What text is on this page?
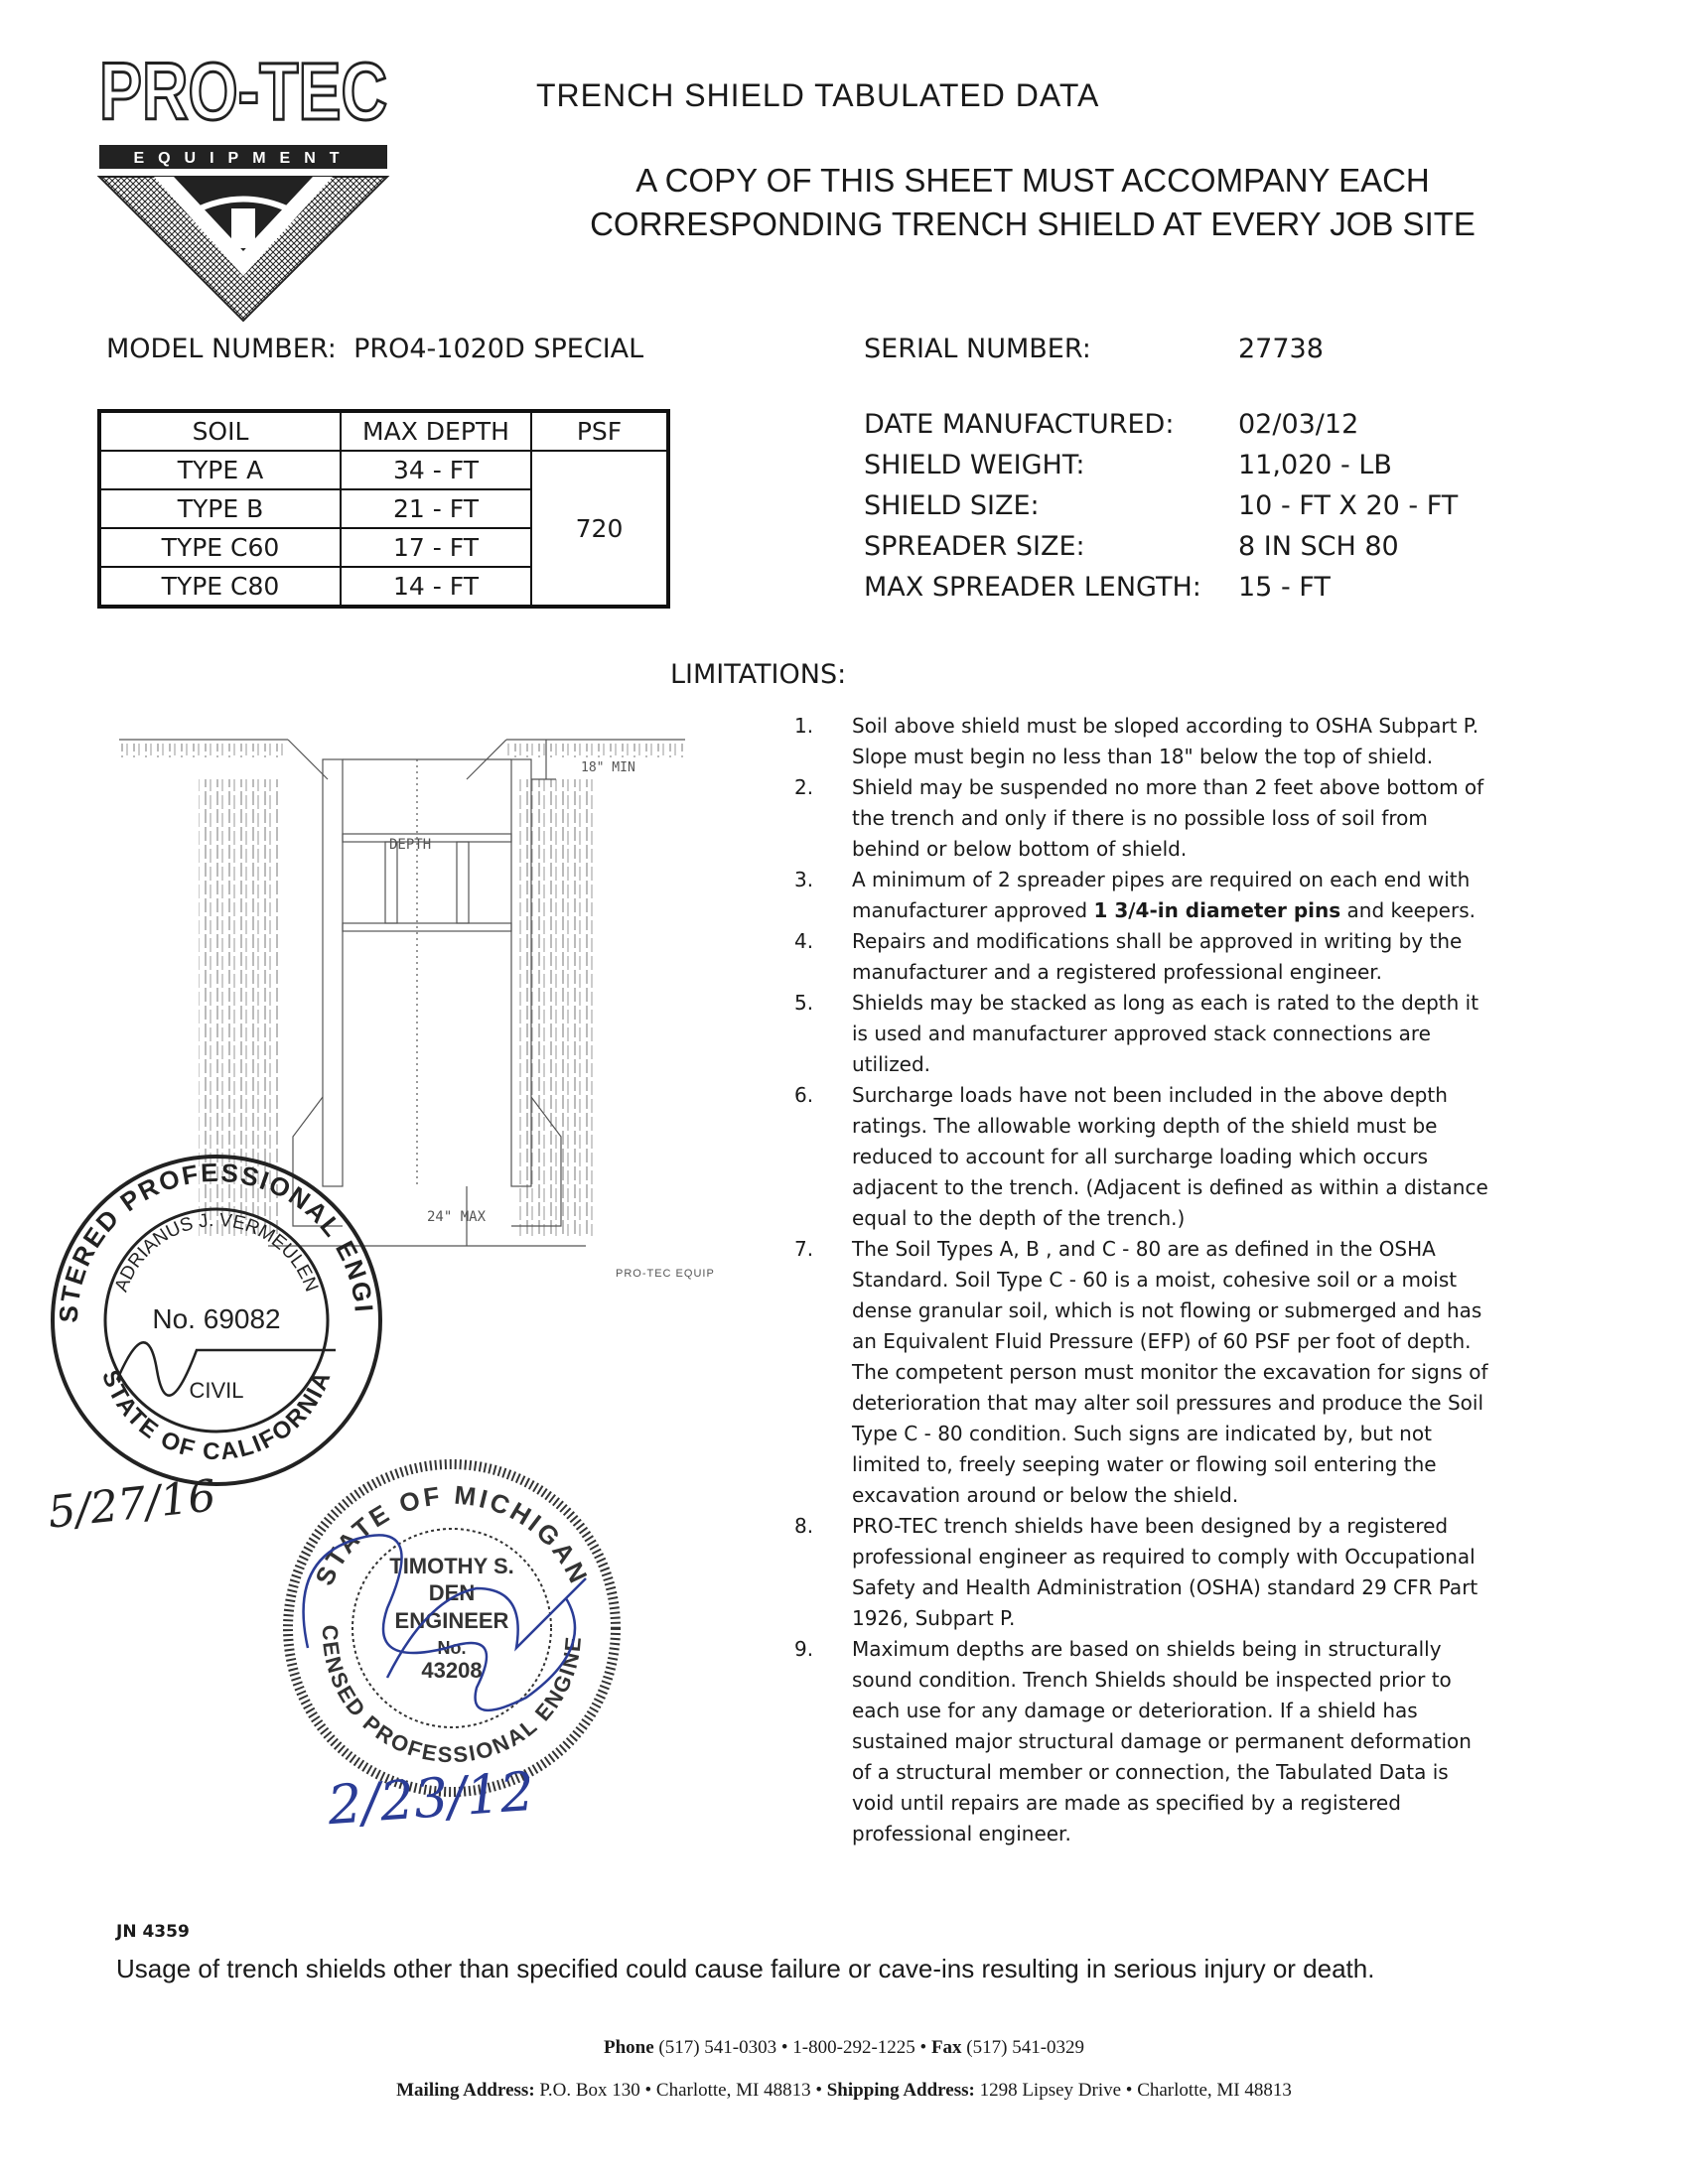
PRO-TEC
EQUIPMENT
TRENCH SHIELD TABULATED DATA
A COPY OF THIS SHEET MUST ACCOMPANY EACH
CORRESPONDING TRENCH SHIELD AT EVERY JOB SITE
MODEL NUMBER: PRO4-1020D SPECIAL	SERIAL NUMBER:	27738
SOIL	MAX DEPTH	PSF
TYPE A	34 - FT	720
TYPE B	21 - FT	
TYPE C60	17 - FT	
TYPE C80	14 - FT	
DATE MANUFACTURED: 02/03/12
SHIELD WEIGHT:	11,020 - LB
SHIELD SIZE:	10 - FT X 20 - FT
SPREADER SIZE:	8 IN SCH 80
MAX SPREADER LENGTH: 15 - FT
LIMITATIONS:
1. Soil above shield must be sloped according to OSHA Subpart P. Slope must begin no less than 18" below the top of shield.
2. Shield may be suspended no more than 2 feet above bottom of the trench and only if there is no possible loss of soil from behind or below bottom of shield.
3. A minimum of 2 spreader pipes are required on each end with manufacturer approved 1 3/4-in diameter pins and keepers.
4. Repairs and modifications shall be approved in writing by the manufacturer and a registered professional engineer.
5. Shields may be stacked as long as each is rated to the depth it is used and manufacturer approved stack connections are utilized.
6. Surcharge loads have not been included in the above depth ratings. The allowable working depth of the shield must be reduced to account for all surcharge loading which occurs adjacent to the trench. (Adjacent is defined as within a distance equal to the depth of the trench.)
7. The Soil Types A, B , and C - 80 are as defined in the OSHA Standard. Soil Type C - 60 is a moist, cohesive soil or a moist dense granular soil, which is not flowing or submerged and has an Equivalent Fluid Pressure (EFP) of 60 PSF per foot of depth. The competent person must monitor the excavation for signs of deterioration that may alter soil pressures and produce the Soil Type C - 80 condition. Such signs are indicated by, but not limited to, freely seeping water or flowing soil entering the excavation around or below the shield.
8. PRO-TEC trench shields have been designed by a registered professional engineer as required to comply with Occupational Safety and Health Administration (OSHA) standard 29 CFR Part 1926, Subpart P.
9. Maximum depths are based on shields being in structurally sound condition. Trench Shields should be inspected prior to each use for any damage or deterioration. If a shield has sustained major structural damage or permanent deformation of a structural member or connection, the Tabulated Data is void until repairs are made as specified by a registered professional engineer.
DEPTH
18" MIN
24" MAX
PRO-TEC EQUIP
STERED PROFESSIONAL ENGI
ADRIANUS J. VERMEULEN
No. 69082
CIVIL
STATE OF CALIFORNIA
5/27/16
STATE OF MICHIGAN
CENSED PROFESSIONAL ENGINE
TIMOTHY S.
DEN
ENGINEER
No.
43208
2/23/12
JN 4359
Usage of trench shields other than specified could cause failure or cave-ins resulting in serious injury or death.
Phone (517) 541-0303 • 1-800-292-1225 • Fax (517) 541-0329
Mailing Address: P.O. Box 130 • Charlotte, MI 48813 • Shipping Address: 1298 Lipsey Drive • Charlotte, MI 48813
